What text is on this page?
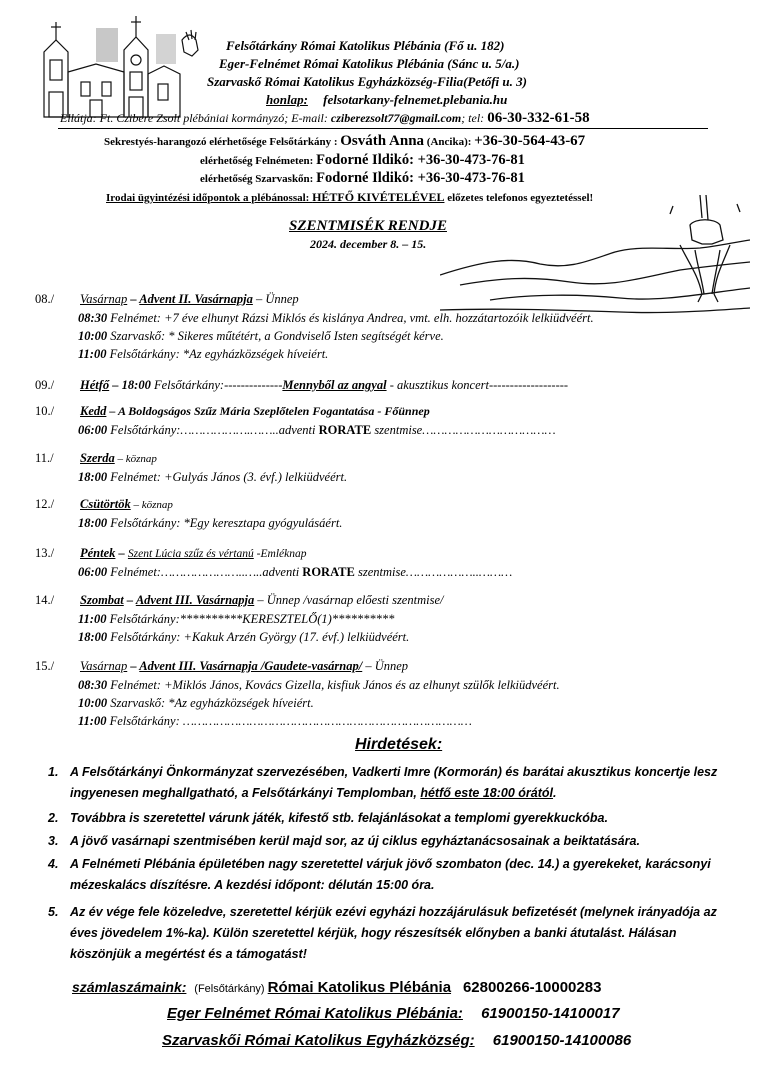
Felsőtárkány Római Katolikus Plébánia (Fő u. 182)
Eger-Felnémet Római Katolikus Plébánia (Sánc u. 5/a.)
Szarvaskő Római Katolikus Egyházközség-Filia(Petőfi u. 3)
honlap: felsotarkany-felnemet.plebania.hu
Ellátja: Ft. Czibere Zsolt plébániai kormányzó; E-mail: cziberezsolt77@gmail.com; tel: 06-30-332-61-58
Sekrestyés-harangozó elérhetősége Felsőtárkány : Osváth Anna (Ancika): +36-30-564-43-67
elérhetőség Felnémeten: Fodorné Ildikó: +36-30-473-76-81
elérhetőség Szarvaskőn: Fodorné Ildikó: +36-30-473-76-81
Irodai ügyintézési időpontok a plébánossal: HÉTFŐ KIVÉTELÉVEL előzetes telefonos egyeztetéssel!
SZENTMISÉK RENDJE
2024. december 8. – 15.
08./ Vasárnap – Advent II. Vasárnapja – Ünnep
08:30 Felnémet: +7 éve elhunyt Rázsi Miklós és kislánya Andrea, vmt. elh. hozzátartozóik lelkiüdvéért.
10:00 Szarvaskő: * Sikeres műtétért, a Gondviselő Isten segítségét kérve.
11:00 Felsőtárkány: *Az egyházközségek híveiért.
09./ Hétfő – 18:00 Felsőtárkány:--------------Mennyből az angyal - akusztikus koncert-------------------
10./ Kedd – A Boldogságos Szűz Mária Szeplőtelen Fogantatása - Főünnep
06:00 Felsőtárkány:……………….……..adventi RORATE szentmise………………………………
11./ Szerda – köznap
18:00 Felnémet: +Gulyás János (3. évf.) lelkiüdvéért.
12./ Csütörtök – köznap
18:00 Felsőtárkány: *Egy keresztapa gyógyulásáért.
13./ Péntek – Szent Lúcia szűz és vértanú -Emléknap
06:00 Felnémet:…………………..…..adventi RORATE szentmise………………..………
14./ Szombat – Advent III. Vasárnapja – Ünnep /vasárnap előesti szentmise/
11:00 Felsőtárkány:**********KERESZTELŐ(1)**********
18:00 Felsőtárkány: +Kakuk Arzén György (17. évf.) lelkiüdvéért.
15./ Vasárnap – Advent III. Vasárnapja /Gaudete-vasárnap/ – Ünnep
08:30 Felnémet: +Miklós János, Kovács Gizella, kisfiuk János és az elhunyt szülők lelkiüdvéért.
10:00 Szarvaskő: *Az egyházközségek híveiért.
11:00 Felsőtárkány: ……………………………………………………………………
Hirdetések:
1. A Felsőtárkányi Önkormányzat szervezésében, Vadkerti Imre (Kormorán) és barátai akusztikus koncertje lesz ingyenesen meghallgatható, a Felsőtárkányi Templomban, hétfő este 18:00 órától.
2. Továbbra is szeretettel várunk játék, kifestő stb. felajánlásokat a templomi gyerekkuckóba.
3. A jövő vasárnapi szentmisében kerül majd sor, az új ciklus egyháztanácsosainak a beiktatására.
4. A Felnémeti Plébánia épületében nagy szeretettel várjuk jövő szombaton (dec. 14.) a gyerekeket, karácsonyi mézeskalács díszítésre. A kezdési időpont: délután 15:00 óra.
5. Az év vége fele közeledve, szeretettel kérjük ezévi egyházi hozzájárulásuk befizetését (melynek irányadója az éves jövedelem 1%-ka). Külön szeretettel kérjük, hogy részesítsék előnyben a banki átutalást. Hálásan köszönjük a megértést és a támogatást!
számlaszámaink: (Felsőtárkány) Római Katolikus Plébánia 62800266-10000283
Eger Felnémet Római Katolikus Plébánia: 61900150-14100017
Szarvaskői Római Katolikus Egyházközség: 61900150-14100086
